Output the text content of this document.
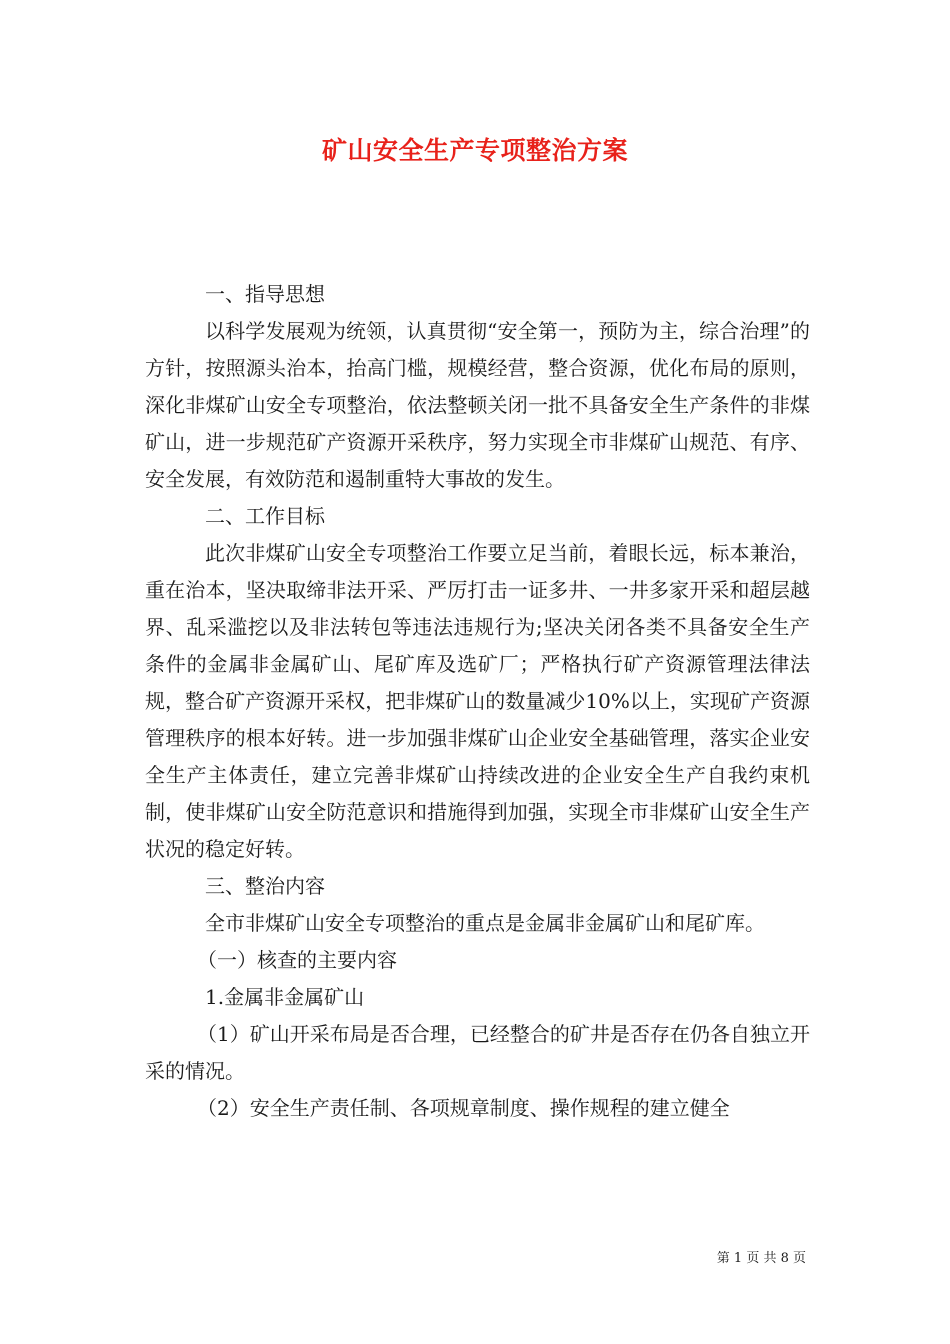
矿山安全生产专项整治方案

一、指导思想

以科学发展观为统领，认真贯彻“安全第一，预防为主，综合治理”的方针，按照源头治本，抬高门槛，规模经营，整合资源，优化布局的原则，深化非煤矿山安全专项整治，依法整顿关闭一批不具备安全生产条件的非煤矿山，进一步规范矿产资源开采秩序，努力实现全市非煤矿山规范、有序、安全发展，有效防范和遏制重特大事故的发生。

二、工作目标

此次非煤矿山安全专项整治工作要立足当前，着眼长远，标本兼治，重在治本，坚决取缔非法开采、严厉打击一证多井、一井多家开采和超层越界、乱采滥挖以及非法转包等违法违规行为;坚决关闭各类不具备安全生产条件的金属非金属矿山、尾矿库及选矿厂；严格执行矿产资源管理法律法规，整合矿产资源开采权，把非煤矿山的数量减少10%以上，实现矿产资源管理秩序的根本好转。进一步加强非煤矿山企业安全基础管理，落实企业安全生产主体责任，建立完善非煤矿山持续改进的企业安全生产自我约束机制，使非煤矿山安全防范意识和措施得到加强，实现全市非煤矿山安全生产状况的稳定好转。

三、整治内容

全市非煤矿山安全专项整治的重点是金属非金属矿山和尾矿库。

（一）核查的主要内容

1.金属非金属矿山

（1）矿山开采布局是否合理，已经整合的矿井是否存在仍各自独立开采的情况。

（2）安全生产责任制、各项规章制度、操作规程的建立健全

第 1 页 共 8 页
